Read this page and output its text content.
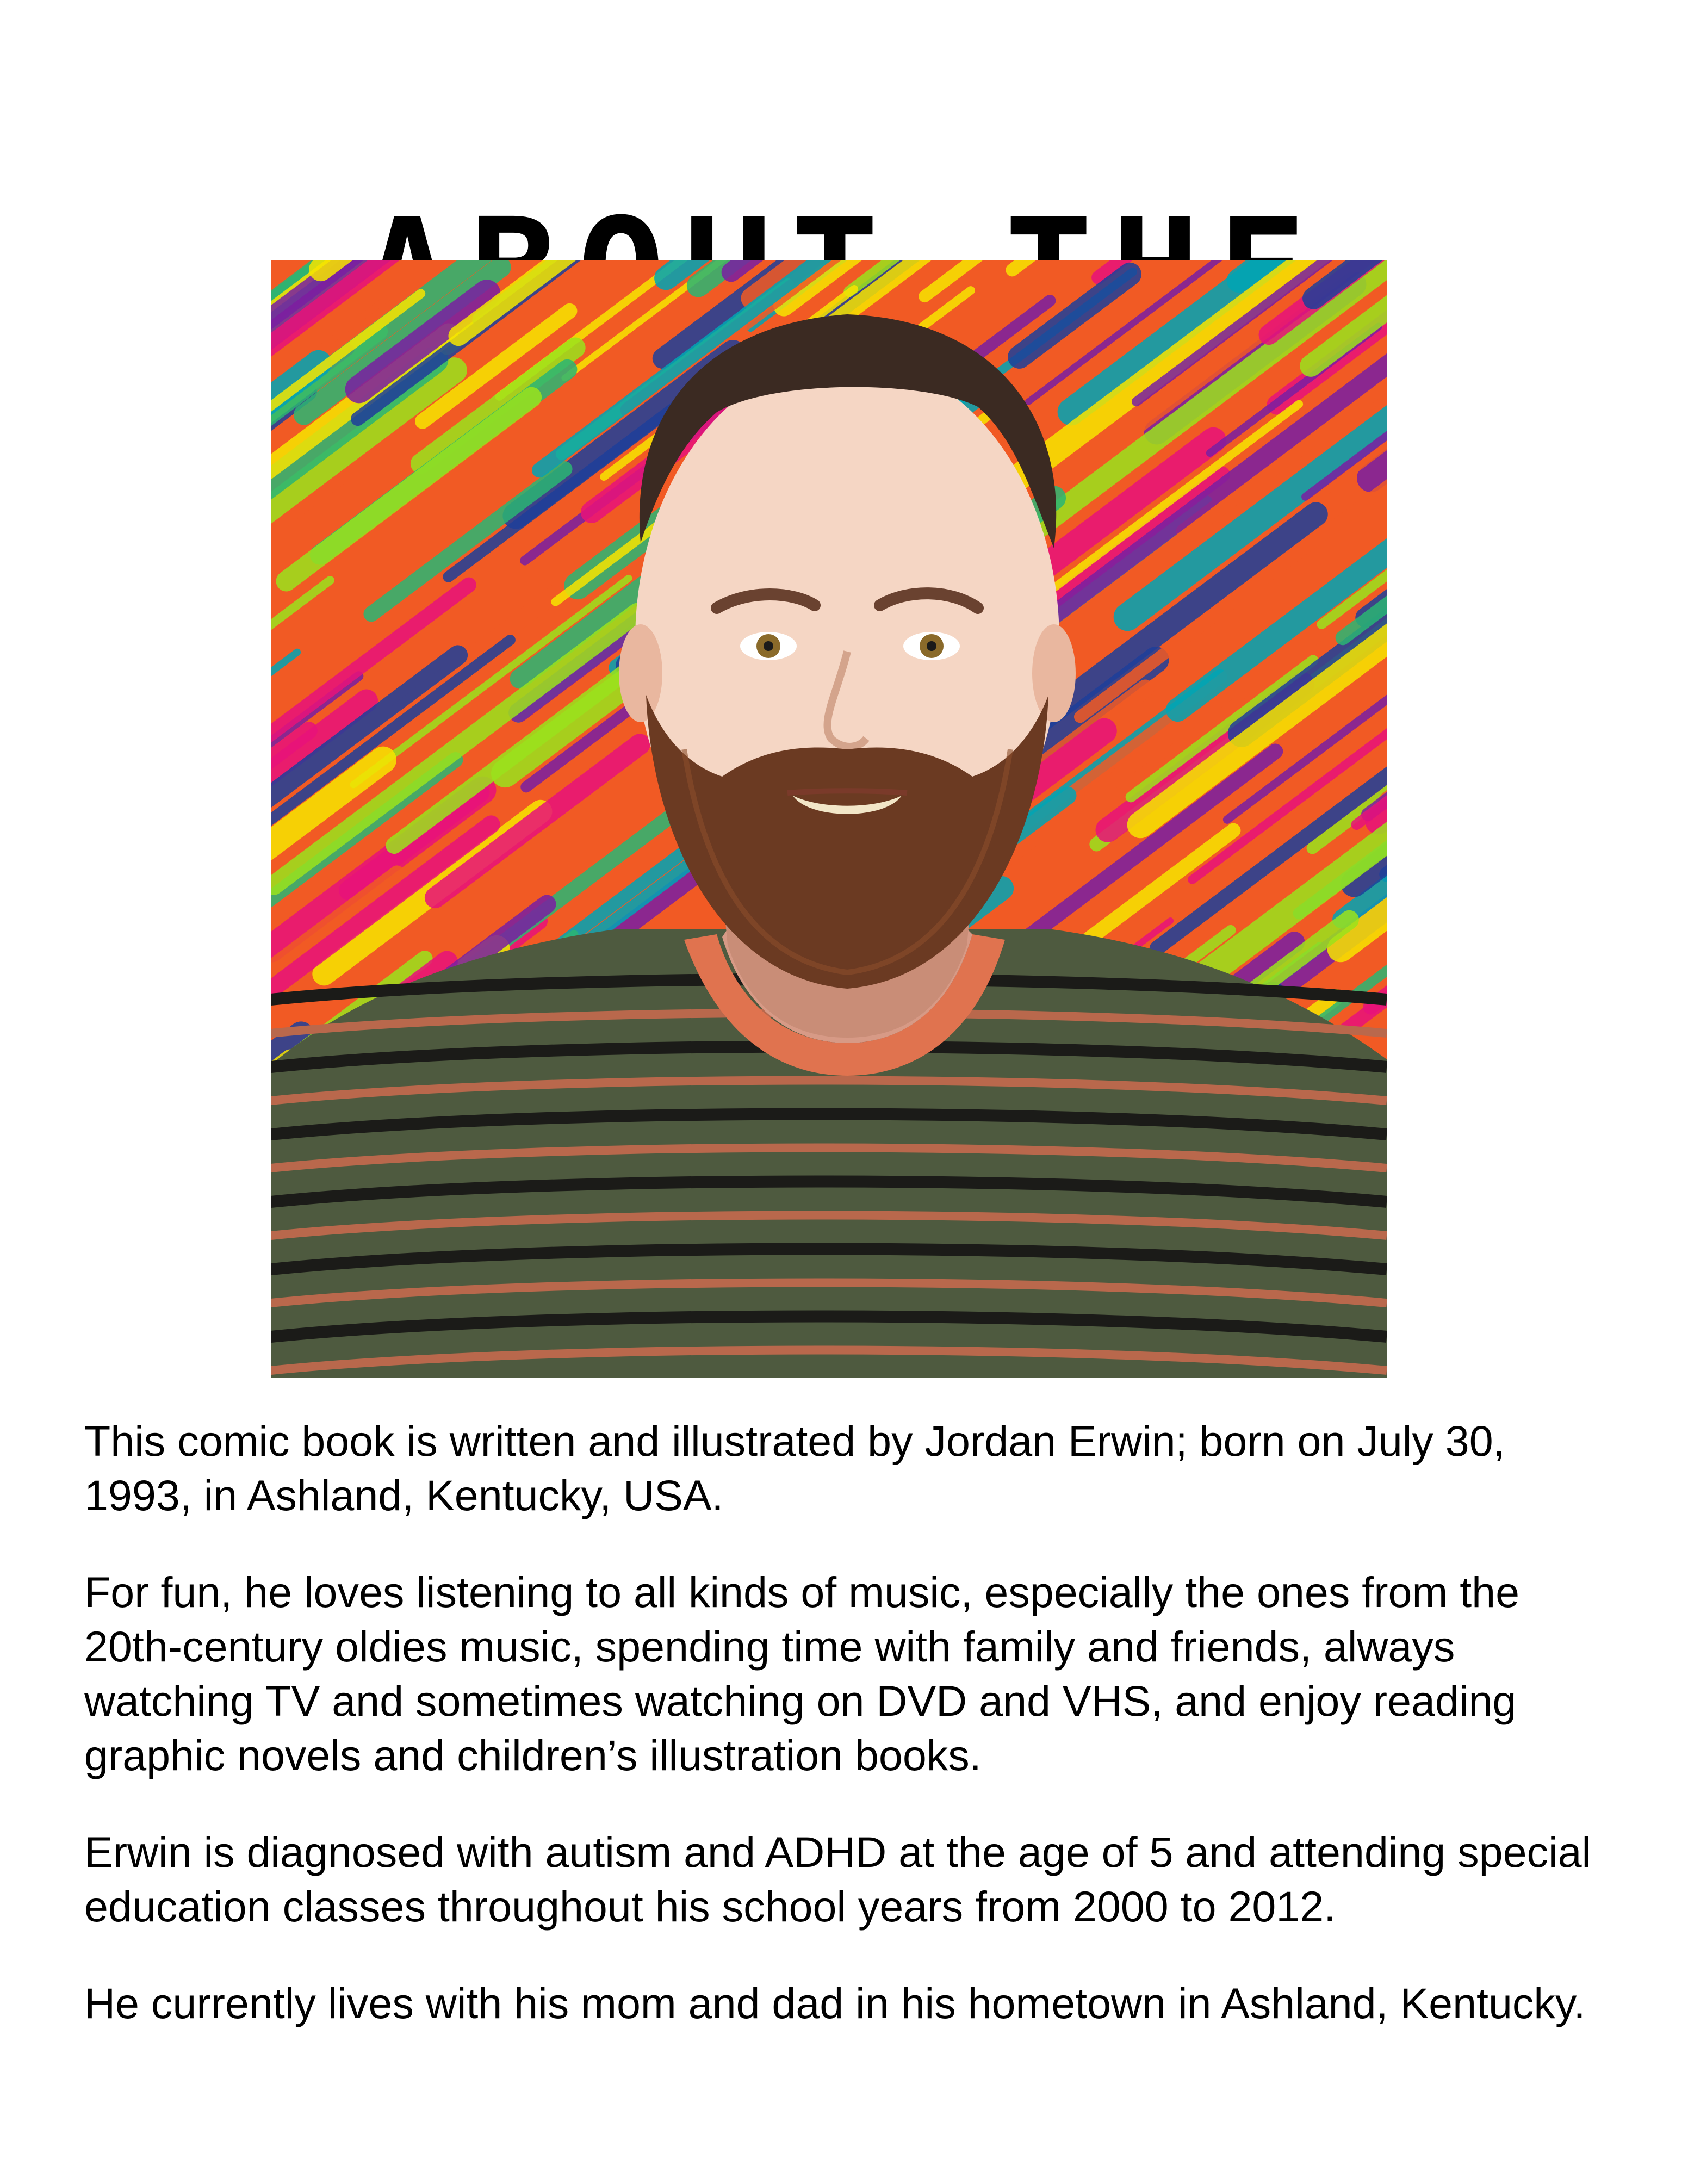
This comic book is written and illustrated by Jordan Erwin; born on July 30, 1993, in Ashland, Kentucky, USA.

For fun, he loves listening to all kinds of music, especially the ones from the 20th-century oldies music, spending time with family and friends, always watching TV and sometimes watching on DVD and VHS, and enjoy reading graphic novels and children’s illustration books.

Erwin is diagnosed with autism and ADHD at the age of 5 and attending special education classes throughout his school years from 2000 to 2012.

He currently lives with his mom and dad in his hometown in Ashland, Kentucky.
